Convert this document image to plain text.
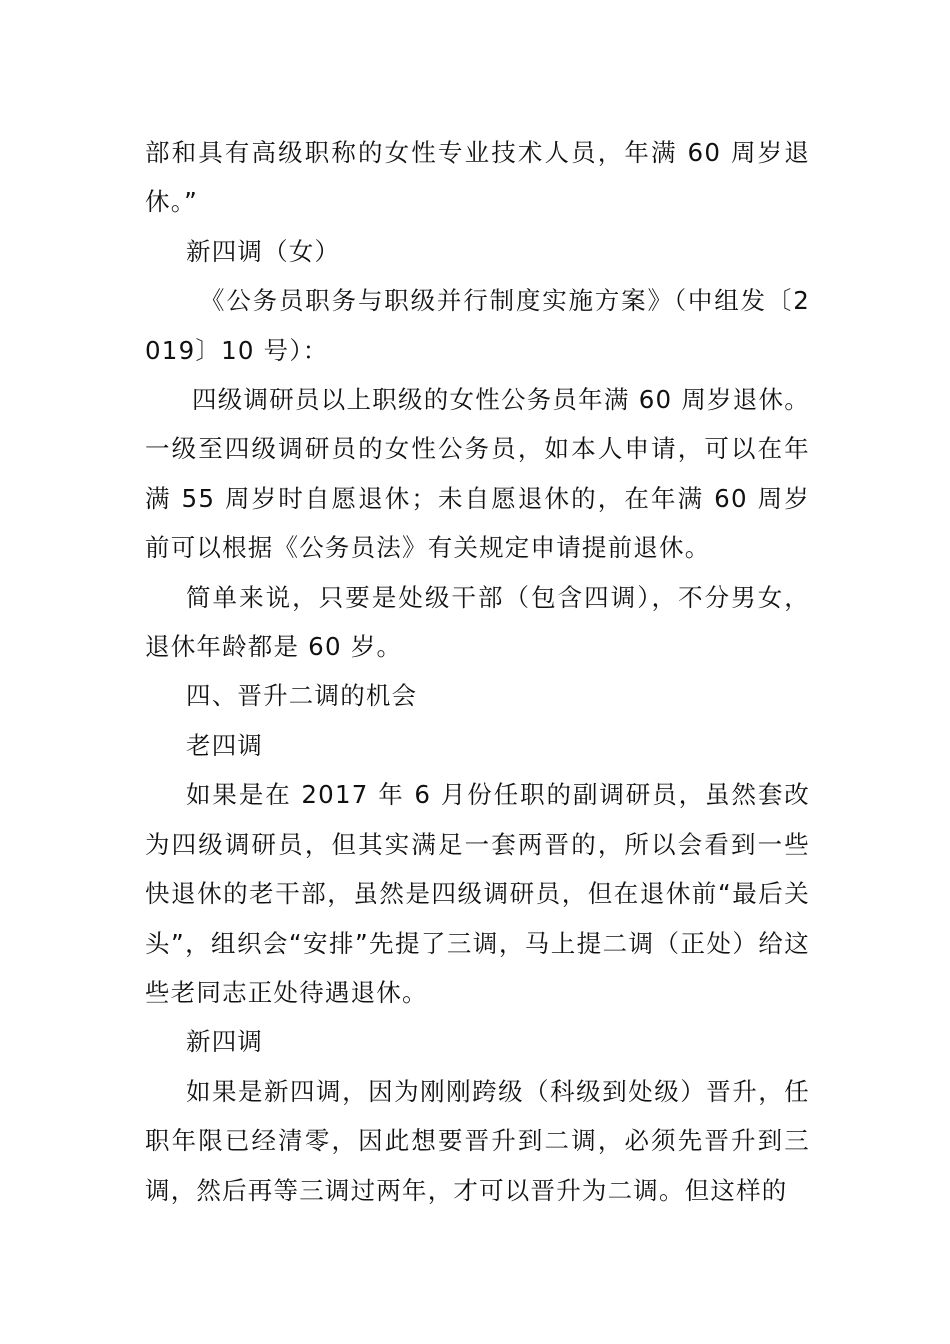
部和具有高级职称的女性专业技术人员，年满 60 周岁退休。”

新四调（女）

《公务员职务与职级并行制度实施方案》（中组发〔2019〕10 号）：

四级调研员以上职级的女性公务员年满 60 周岁退休。一级至四级调研员的女性公务员，如本人申请，可以在年满 55 周岁时自愿退休；未自愿退休的，在年满 60 周岁前可以根据《公务员法》有关规定申请提前退休。

简单来说，只要是处级干部（包含四调），不分男女，退休年龄都是 60 岁。

四、晋升二调的机会

老四调

如果是在 2017 年 6 月份任职的副调研员，虽然套改为四级调研员，但其实满足一套两晋的，所以会看到一些快退休的老干部，虽然是四级调研员，但在退休前“最后关头”，组织会“安排”先提了三调，马上提二调（正处）给这些老同志正处待遇退休。

新四调

如果是新四调，因为刚刚跨级（科级到处级）晋升，任职年限已经清零，因此想要晋升到二调，必须先晋升到三调，然后再等三调过两年，才可以晋升为二调。但这样的
